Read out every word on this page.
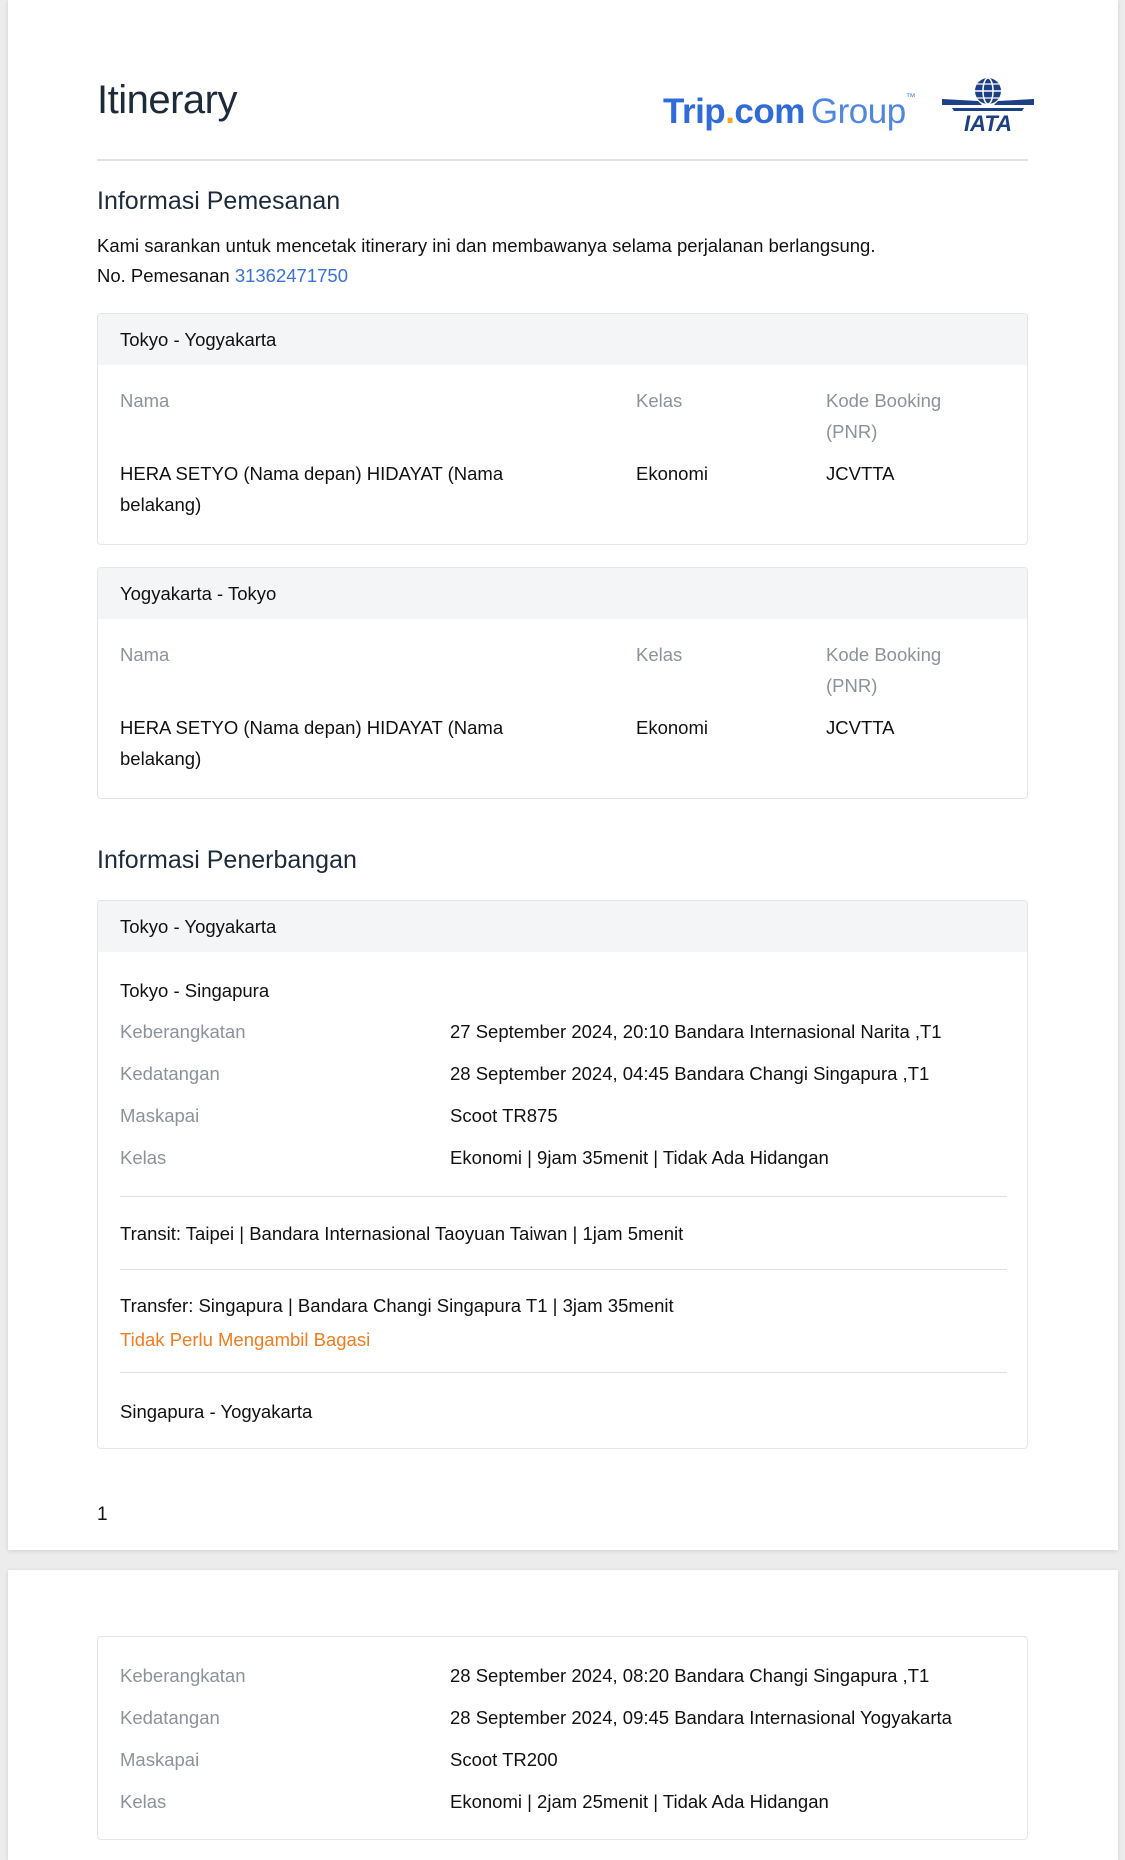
Itinerary	Trip.com Group™
IATA
Informasi Pemesanan
Kami sarankan untuk mencetak itinerary ini dan membawanya selama perjalanan berlangsung.
No. Pemesanan 31362471750
Tokyo - Yogyakarta
Nama	Kelas	Kode Booking
(PNR)
HERA SETYO (Nama depan) HIDAYAT (Nama
belakang)
Ekonomi	JCVTTA
Yogyakarta - Tokyo
Nama	Kelas	Kode Booking
(PNR)
HERA SETYO (Nama depan) HIDAYAT (Nama
belakang)
Ekonomi	JCVTTA
Informasi Penerbangan
Tokyo - Yogyakarta
Tokyo - Singapura
Keberangkatan	27 September 2024, 20:10 Bandara Internasional Narita ,T1
Kedatangan	28 September 2024, 04:45 Bandara Changi Singapura ,T1
Maskapai	Scoot TR875
Kelas	Ekonomi | 9jam 35menit | Tidak Ada Hidangan
Transit: Taipei | Bandara Internasional Taoyuan Taiwan | 1jam 5menit
Transfer: Singapura | Bandara Changi Singapura T1 | 3jam 35menit
Tidak Perlu Mengambil Bagasi
Singapura - Yogyakarta
1
Keberangkatan	28 September 2024, 08:20 Bandara Changi Singapura ,T1
Kedatangan	28 September 2024, 09:45 Bandara Internasional Yogyakarta
Maskapai	Scoot TR200
Kelas	Ekonomi | 2jam 25menit | Tidak Ada Hidangan
